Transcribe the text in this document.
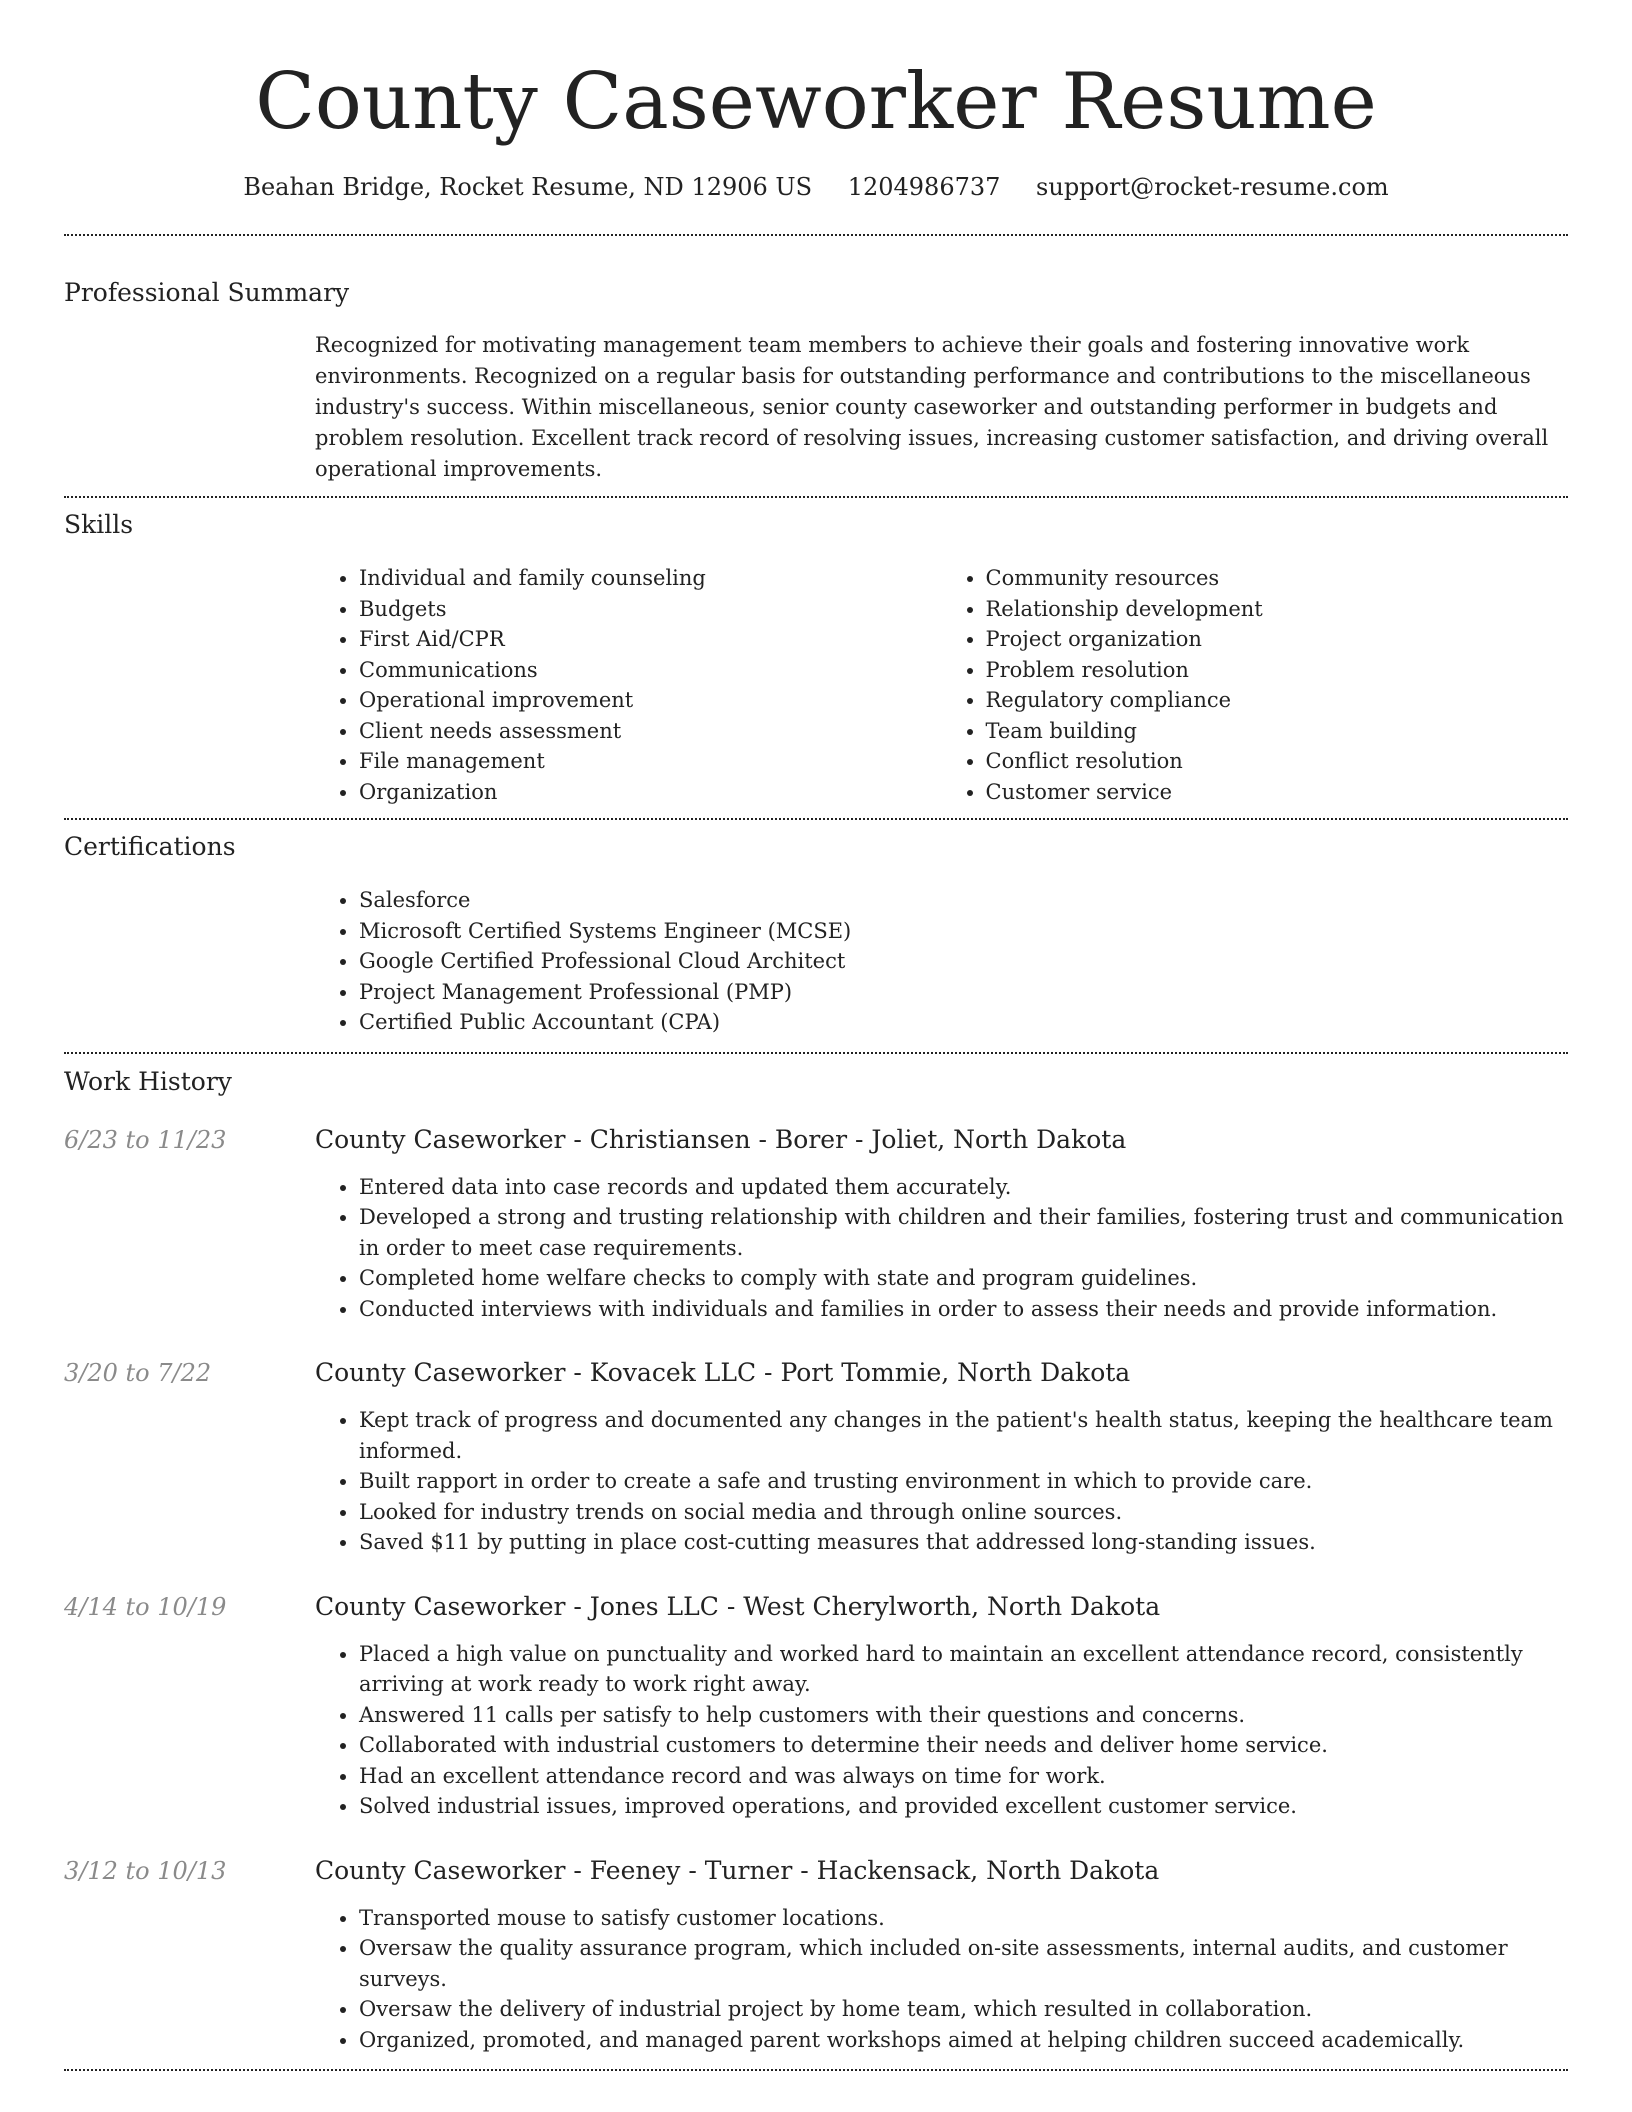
County Caseworker Resume
Beahan Bridge, Rocket Resume, ND 12906 US 1204986737 support@rocket-resume.com
Professional Summary
Recognized for motivating management team members to achieve their goals and fostering innovative work environments. Recognized on a regular basis for outstanding performance and contributions to the miscellaneous industry's success. Within miscellaneous, senior county caseworker and outstanding performer in budgets and problem resolution. Excellent track record of resolving issues, increasing customer satisfaction, and driving overall operational improvements.
Skills
• Individual and family counseling
• Budgets
• First Aid/CPR
• Communications
• Operational improvement
• Client needs assessment
• File management
• Organization
• Community resources
• Relationship development
• Project organization
• Problem resolution
• Regulatory compliance
• Team building
• Conflict resolution
• Customer service
Certifications
• Salesforce
• Microsoft Certified Systems Engineer (MCSE)
• Google Certified Professional Cloud Architect
• Project Management Professional (PMP)
• Certified Public Accountant (CPA)
Work History
6/23 to 11/23	County Caseworker - Christiansen - Borer - Joliet, North Dakota
• Entered data into case records and updated them accurately.
• Developed a strong and trusting relationship with children and their families, fostering trust and communication in order to meet case requirements.
• Completed home welfare checks to comply with state and program guidelines.
• Conducted interviews with individuals and families in order to assess their needs and provide information.
3/20 to 7/22	County Caseworker - Kovacek LLC - Port Tommie, North Dakota
• Kept track of progress and documented any changes in the patient's health status, keeping the healthcare team informed.
• Built rapport in order to create a safe and trusting environment in which to provide care.
• Looked for industry trends on social media and through online sources.
• Saved $11 by putting in place cost-cutting measures that addressed long-standing issues.
4/14 to 10/19	County Caseworker - Jones LLC - West Cherylworth, North Dakota
• Placed a high value on punctuality and worked hard to maintain an excellent attendance record, consistently arriving at work ready to work right away.
• Answered 11 calls per satisfy to help customers with their questions and concerns.
• Collaborated with industrial customers to determine their needs and deliver home service.
• Had an excellent attendance record and was always on time for work.
• Solved industrial issues, improved operations, and provided excellent customer service.
3/12 to 10/13	County Caseworker - Feeney - Turner - Hackensack, North Dakota
• Transported mouse to satisfy customer locations.
• Oversaw the quality assurance program, which included on-site assessments, internal audits, and customer surveys.
• Oversaw the delivery of industrial project by home team, which resulted in collaboration.
• Organized, promoted, and managed parent workshops aimed at helping children succeed academically.
